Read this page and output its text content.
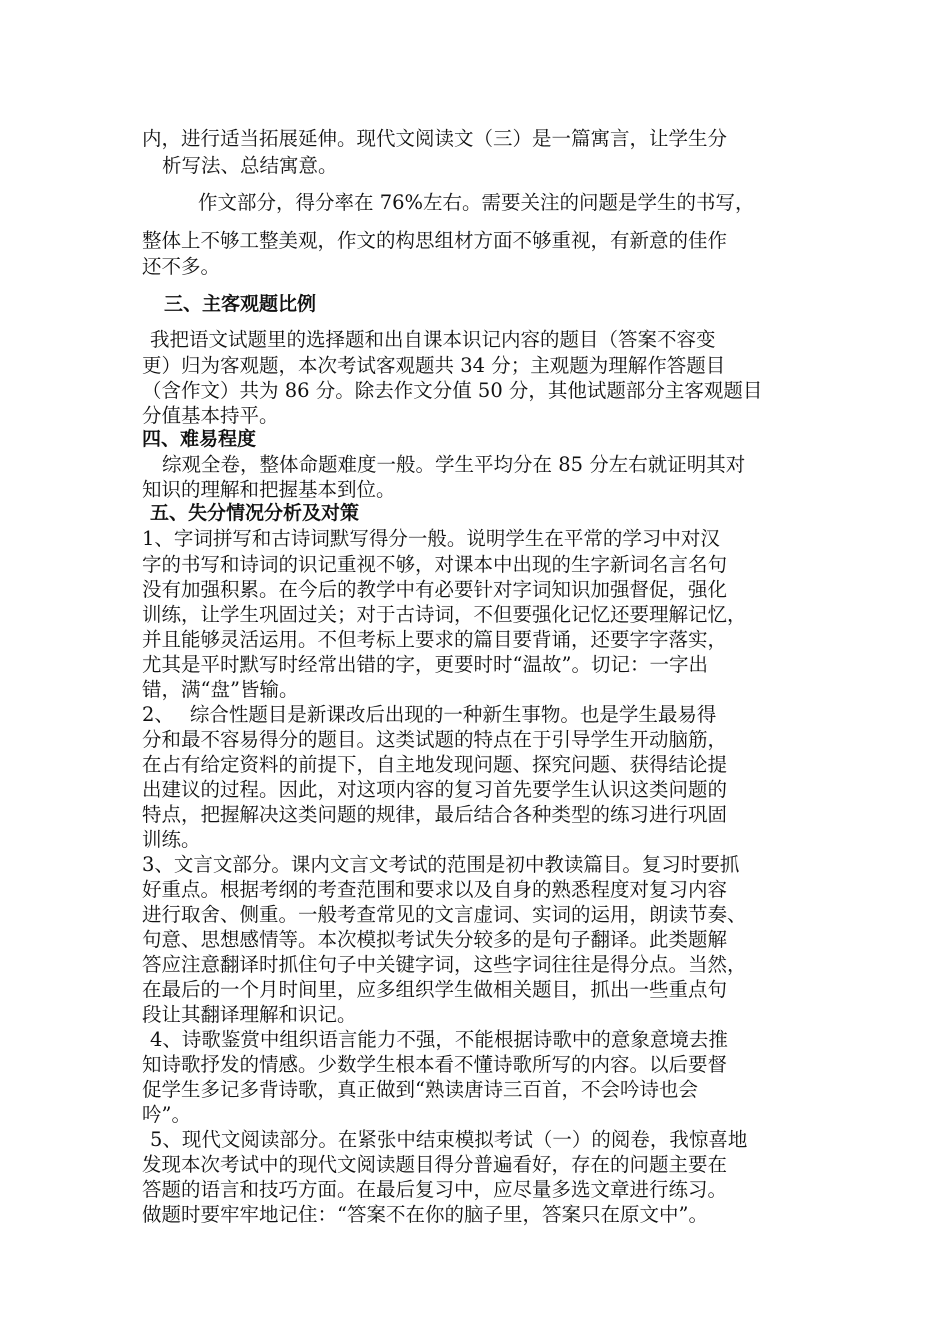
内，进行适当拓展延伸。现代文阅读文（三）是一篇寓言，让学生分
析写法、总结寓意。
作文部分，得分率在 76%左右。需要关注的问题是学生的书写，
整体上不够工整美观，作文的构思组材方面不够重视，有新意的佳作
还不多。
三、主客观题比例
我把语文试题里的选择题和出自课本识记内容的题目（答案不容变
更）归为客观题，本次考试客观题共 34 分；主观题为理解作答题目
（含作文）共为 86 分。除去作文分值 50 分，其他试题部分主客观题目
分值基本持平。
四、难易程度
综观全卷，整体命题难度一般。学生平均分在 85 分左右就证明其对
知识的理解和把握基本到位。
五、失分情况分析及对策
1、字词拼写和古诗词默写得分一般。说明学生在平常的学习中对汉
字的书写和诗词的识记重视不够，对课本中出现的生字新词名言名句
没有加强积累。在今后的教学中有必要针对字词知识加强督促，强化
训练，让学生巩固过关；对于古诗词，不但要强化记忆还要理解记忆，
并且能够灵活运用。不但考标上要求的篇目要背诵，还要字字落实，
尤其是平时默写时经常出错的字，更要时时“温故”。切记：一字出
错，满“盘”皆输。
2、　 综合性题目是新课改后出现的一种新生事物。也是学生最易得
分和最不容易得分的题目。这类试题的特点在于引导学生开动脑筋，
在占有给定资料的前提下，自主地发现问题、探究问题、获得结论提
出建议的过程。因此，对这项内容的复习首先要学生认识这类问题的
特点，把握解决这类问题的规律，最后结合各种类型的练习进行巩固
训练。
3、文言文部分。课内文言文考试的范围是初中教读篇目。复习时要抓
好重点。根据考纲的考查范围和要求以及自身的熟悉程度对复习内容
进行取舍、侧重。一般考查常见的文言虚词、实词的运用，朗读节奏、
句意、思想感情等。本次模拟考试失分较多的是句子翻译。此类题解
答应注意翻译时抓住句子中关键字词，这些字词往往是得分点。当然，
在最后的一个月时间里，应多组织学生做相关题目，抓出一些重点句
段让其翻译理解和识记。
4、诗歌鉴赏中组织语言能力不强，不能根据诗歌中的意象意境去推
知诗歌抒发的情感。少数学生根本看不懂诗歌所写的内容。以后要督
促学生多记多背诗歌，真正做到“熟读唐诗三百首，不会吟诗也会
吟”。
5、现代文阅读部分。在紧张中结束模拟考试（一）的阅卷，我惊喜地
发现本次考试中的现代文阅读题目得分普遍看好，存在的问题主要在
答题的语言和技巧方面。在最后复习中，应尽量多选文章进行练习。
做题时要牢牢地记住：“答案不在你的脑子里，答案只在原文中”。
